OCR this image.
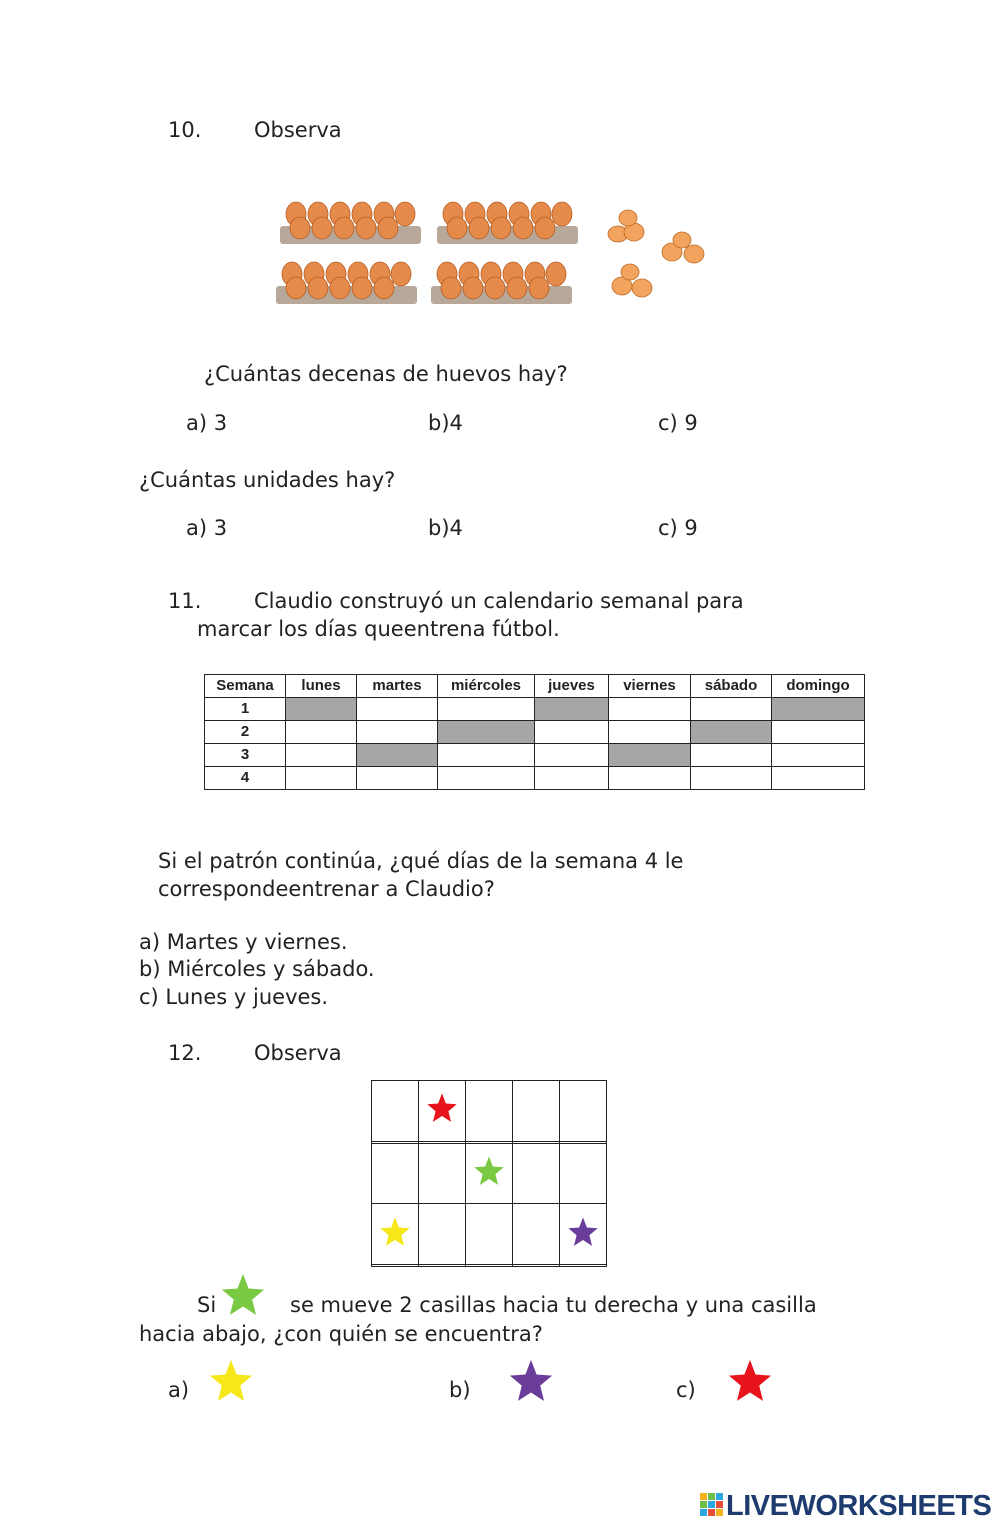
10.	Observa
¿Cuántas decenas de huevos hay?
a) 3	b)4	c) 9
¿Cuántas unidades hay?
a) 3	b)4	c) 9
11.	Claudio construyó un calendario semanal para
marcar los días queentrena fútbol.
Semana	lunes	martes	miércoles	jueves	viernes	sábado	domingo
1							
2							
3							
4							
Si el patrón continúa, ¿qué días de la semana 4 le
correspondeentrenar a Claudio?
a) Martes y viernes.
b) Miércoles y sábado.
c) Lunes y jueves.
12.	Observa

Si	se mueve 2 casillas hacia tu derecha y una casilla
hacia abajo, ¿con quién se encuentra?
a)	b)	c)
LIVEWORKSHEETS
